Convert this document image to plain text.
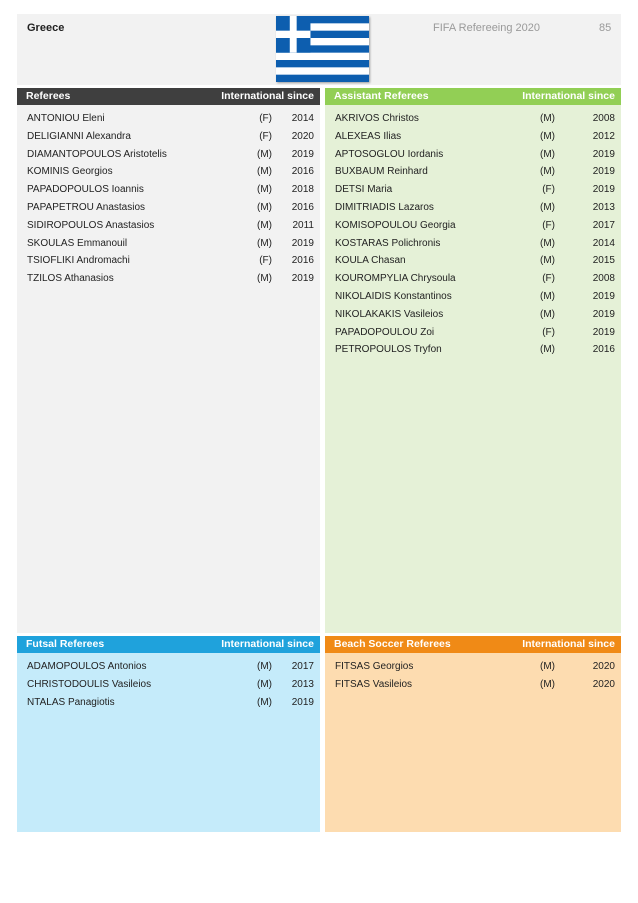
Greece	FIFA Refereeing 2020	85
Referees	International since
ANTONIOU Eleni	(F) 2014
DELIGIANNI Alexandra	(F) 2020
DIAMANTOPOULOS Aristotelis	(M) 2019
KOMINIS Georgios	(M) 2016
PAPADOPOULOS Ioannis	(M) 2018
PAPAPETROU Anastasios	(M) 2016
SIDIROPOULOS Anastasios	(M) 2011
SKOULAS Emmanouil	(M) 2019
TSIOFLIKI Andromachi	(F) 2016
TZILOS Athanasios	(M) 2019
Assistant Referees	International since
AKRIVOS Christos	(M)	2008
ALEXEAS Ilias	(M)	2012
APTOSOGLOU Iordanis	(M)	2019
BUXBAUM Reinhard	(M)	2019
DETSI Maria	(F)	2019
DIMITRIADIS Lazaros	(M)	2013
KOMISOPOULOU Georgia	(F)	2017
KOSTARAS Polichronis	(M)	2014
KOULA Chasan	(M)	2015
KOUROMPYLIA Chrysoula	(F)	2008
NIKOLAIDIS Konstantinos	(M)	2019
NIKOLAKAKIS Vasileios	(M)	2019
PAPADOPOULOU Zoi	(F)	2019
PETROPOULOS Tryfon	(M)	2016
Futsal Referees	International since
ADAMOPOULOS Antonios	(M) 2017
CHRISTODOULIS Vasileios	(M) 2013
NTALAS Panagiotis	(M) 2019
Beach Soccer Referees	International since
FITSAS Georgios	(M)	2020
FITSAS Vasileios	(M)	2020
